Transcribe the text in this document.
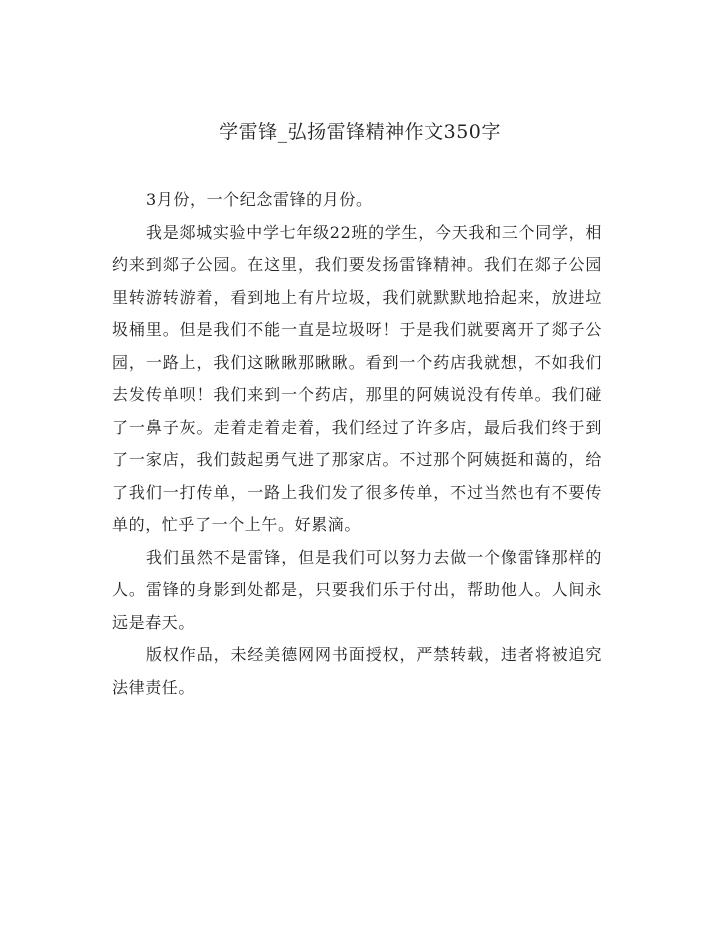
学雷锋_弘扬雷锋精神作文350字

3月份，一个纪念雷锋的月份。

我是郯城实验中学七年级22班的学生，今天我和三个同学，相约来到郯子公园。在这里，我们要发扬雷锋精神。我们在郯子公园里转游转游着，看到地上有片垃圾，我们就默默地拾起来，放进垃圾桶里。但是我们不能一直是垃圾呀！于是我们就要离开了郯子公园，一路上，我们这瞅瞅那瞅瞅。看到一个药店我就想，不如我们去发传单呗！我们来到一个药店，那里的阿姨说没有传单。我们碰了一鼻子灰。走着走着走着，我们经过了许多店，最后我们终于到了一家店，我们鼓起勇气进了那家店。不过那个阿姨挺和蔼的，给了我们一打传单，一路上我们发了很多传单，不过当然也有不要传单的，忙乎了一个上午。好累滴。

我们虽然不是雷锋，但是我们可以努力去做一个像雷锋那样的人。雷锋的身影到处都是，只要我们乐于付出，帮助他人。人间永远是春天。

版权作品，未经美德网网书面授权，严禁转载，违者将被追究法律责任。
